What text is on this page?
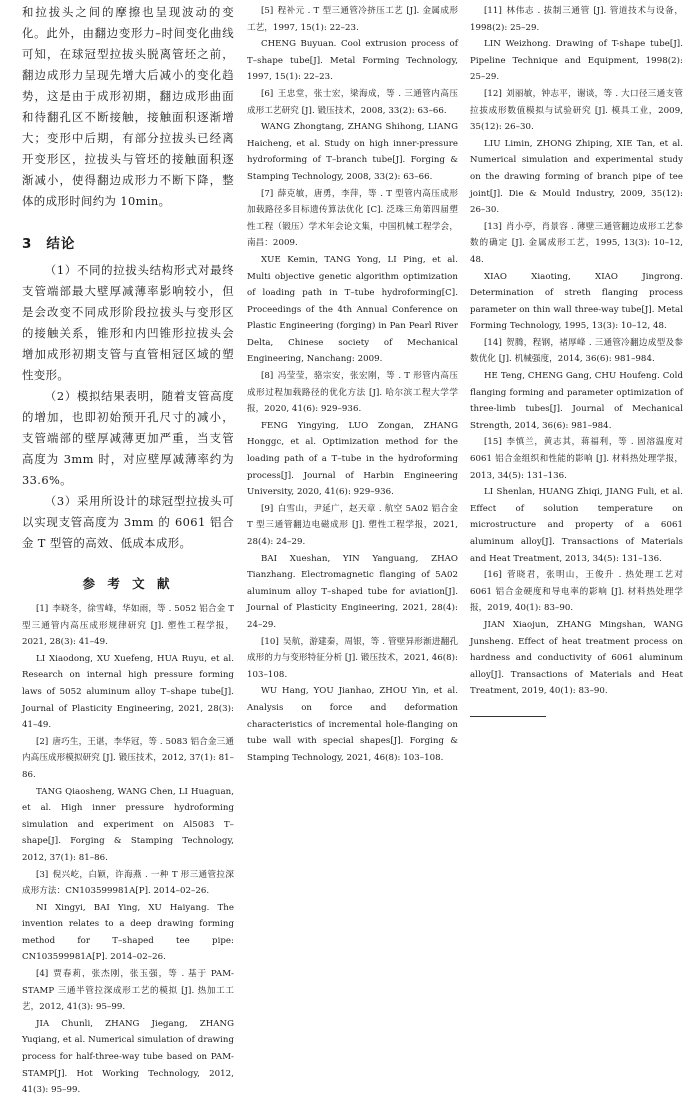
和拉拔头之间的摩擦也呈现波动的变化。此外，由翻边变形力–时间变化曲线可知，在球冠型拉拔头脱离管坯之前，翻边成形力呈现先增大后减小的变化趋势，这是由于成形初期，翻边成形曲面和待翻孔区不断接触，接触面积逐渐增大；变形中后期，有部分拉拔头已经离开变形区，拉拔头与管坯的接触面积逐渐减小，使得翻边成形力不断下降，整体的成形时间约为 10min。

3 结论

（1）不同的拉拔头结构形式对最终支管端部最大壁厚减薄率影响较小，但是会改变不同成形阶段拉拔头与变形区的接触关系，锥形和内凹锥形拉拔头会增加成形初期支管与直管相冠区域的塑性变形。

（2）模拟结果表明，随着支管高度的增加，也即初始预开孔尺寸的减小，支管端部的壁厚减薄更加严重，当支管高度为 3mm 时，对应壁厚减薄率约为 33.6%。

（3）采用所设计的球冠型拉拔头可以实现支管高度为 3mm 的 6061 铝合金 T 型管的高效、低成本成形。

参 考 文 献

[1] 李晓冬，徐雪峰，华如雨，等 . 5052 铝合金 T 型三通管内高压成形规律研究 [J]. 塑性工程学报，2021, 28(3): 41–49.

LI Xiaodong, XU Xuefeng, HUA Ruyu, et al. Research on internal high pressure forming laws of 5052 aluminum alloy T–shape tube[J]. Journal of Plasticity Engineering, 2021, 28(3): 41–49.

[2] 唐巧生，王谌，李华冠，等 . 5083 铝合金三通内高压成形模拟研究 [J]. 锻压技术，2012, 37(1): 81–86.

TANG Qiaosheng, WANG Chen, LI Huaguan, et al. High inner pressure hydroforming simulation and experiment on Al5083 T–shape[J]. Forging & Stamping Technology, 2012, 37(1): 81–86.

[3] 倪兴屹，白颖，许海燕 . 一种 T 形三通管拉深成形方法：CN103599981A[P]. 2014–02–26.

NI Xingyi, BAI Ying, XU Haiyang. The invention relates to a deep drawing forming method for T–shaped tee pipe: CN103599981A[P]. 2014–02–26.

[4] 贾春莉，张杰刚，张玉强，等 . 基于 PAM-STAMP 三通半管拉深成形工艺的模拟 [J]. 热加工工艺，2012, 41(3): 95–99.

JIA Chunli, ZHANG Jiegang, ZHANG Yuqiang, et al. Numerical simulation of drawing process for half-three-way tube based on PAM-STAMP[J]. Hot Working Technology, 2012, 41(3): 95–99.

[5] 程补元 . T 型三通管冷挤压工艺 [J]. 金属成形工艺，1997, 15(1): 22–23.

CHENG Buyuan. Cool extrusion process of T–shape tube[J]. Metal Forming Technology, 1997, 15(1): 22–23.

[6] 王忠堂，张士宏，梁海成，等 . 三通管内高压成形工艺研究 [J]. 锻压技术，2008, 33(2): 63–66.

WANG Zhongtang, ZHANG Shihong, LIANG Haicheng, et al. Study on high inner-pressure hydroforming of T–branch tube[J]. Forging & Stamping Technology, 2008, 33(2): 63–66.

[7] 薛克敏，唐勇，李萍，等 . T 型管内高压成形加载路径多目标遗传算法优化 [C]. 泛珠三角第四届塑性工程（锻压）学术年会论文集，中国机械工程学会，南昌：2009.

XUE Kemin, TANG Yong, LI Ping, et al. Multi objective genetic algorithm optimization of loading path in T–tube hydroforming[C]. Proceedings of the 4th Annual Conference on Plastic Engineering (forging) in Pan Pearl River Delta, Chinese society of Mechanical Engineering, Nanchang: 2009.

[8] 冯莹莹，骆宗安，张宏刚，等 . T 形管内高压成形过程加载路径的优化方法 [J]. 哈尔滨工程大学学报，2020, 41(6): 929–936.

FENG Yingying, LUO Zongan, ZHANG Honggc, et al. Optimization method for the loading path of a T–tube in the hydroforming process[J]. Journal of Harbin Engineering University, 2020, 41(6): 929–936.

[9] 白雪山，尹延广，赵天章 . 航空 5A02 铝合金 T 型三通管翻边电磁成形 [J]. 塑性工程学报，2021, 28(4): 24–29.

BAI Xueshan, YIN Yanguang, ZHAO Tianzhang. Electromagnetic flanging of 5A02 aluminum alloy T–shaped tube for aviation[J]. Journal of Plasticity Engineering, 2021, 28(4): 24–29.

[10] 吴航，游建秦，周银，等 . 管壁异形渐进翻孔成形的力与变形特征分析 [J]. 锻压技术，2021, 46(8): 103–108.

WU Hang, YOU Jianhao, ZHOU Yin, et al. Analysis on force and deformation characteristics of incremental hole-flanging on tube wall with special shapes[J]. Forging & Stamping Technology, 2021, 46(8): 103–108.

[11] 林伟志 . 拔制三通管 [J]. 管道技术与设备，1998(2): 25–29.

LIN Weizhong. Drawing of T-shape tube[J]. Pipeline Technique and Equipment, 1998(2): 25–29.

[12] 刘丽敏，钟志平，谢谈，等 . 大口径三通支管拉拔成形数值模拟与试验研究 [J]. 模具工业，2009, 35(12): 26–30.

LIU Limin, ZHONG Zhiping, XIE Tan, et al. Numerical simulation and experimental study on the drawing forming of branch pipe of tee joint[J]. Die & Mould Industry, 2009, 35(12): 26–30.

[13] 肖小亭，肖景容 . 薄壁三通管翻边成形工艺参数的确定 [J]. 金属成形工艺，1995, 13(3): 10–12, 48.

XIAO Xiaoting, XIAO Jingrong. Determination of streth flanging process parameter on thin wall three-way tube[J]. Metal Forming Technology, 1995, 13(3): 10–12, 48.

[14] 贺腾，程钢，褚厚峰 . 三通管冷翻边成型及参数优化 [J]. 机械强度，2014, 36(6): 981–984.

HE Teng, CHENG Gang, CHU Houfeng. Cold flanging forming and parameter optimization of three-limb tubes[J]. Journal of Mechanical Strength, 2014, 36(6): 981–984.

[15] 李慎兰，黄志其，蒋福利，等 . 固溶温度对 6061 铝合金组织和性能的影响 [J]. 材料热处理学报，2013, 34(5): 131–136.

LI Shenlan, HUANG Zhiqi, JIANG Fuli, et al. Effect of solution temperature on microstructure and property of a 6061 aluminum alloy[J]. Transactions of Materials and Heat Treatment, 2013, 34(5): 131–136.

[16] 菅晓君，张明山，王俊升 . 热处理工艺对 6061 铝合金硬度和导电率的影响 [J]. 材料热处理学报，2019, 40(1): 83–90.

JIAN Xiaojun, ZHANG Mingshan, WANG Junsheng. Effect of heat treatment process on hardness and conductivity of 6061 aluminum alloy[J]. Transactions of Materials and Heat Treatment, 2019, 40(1): 83–90.
